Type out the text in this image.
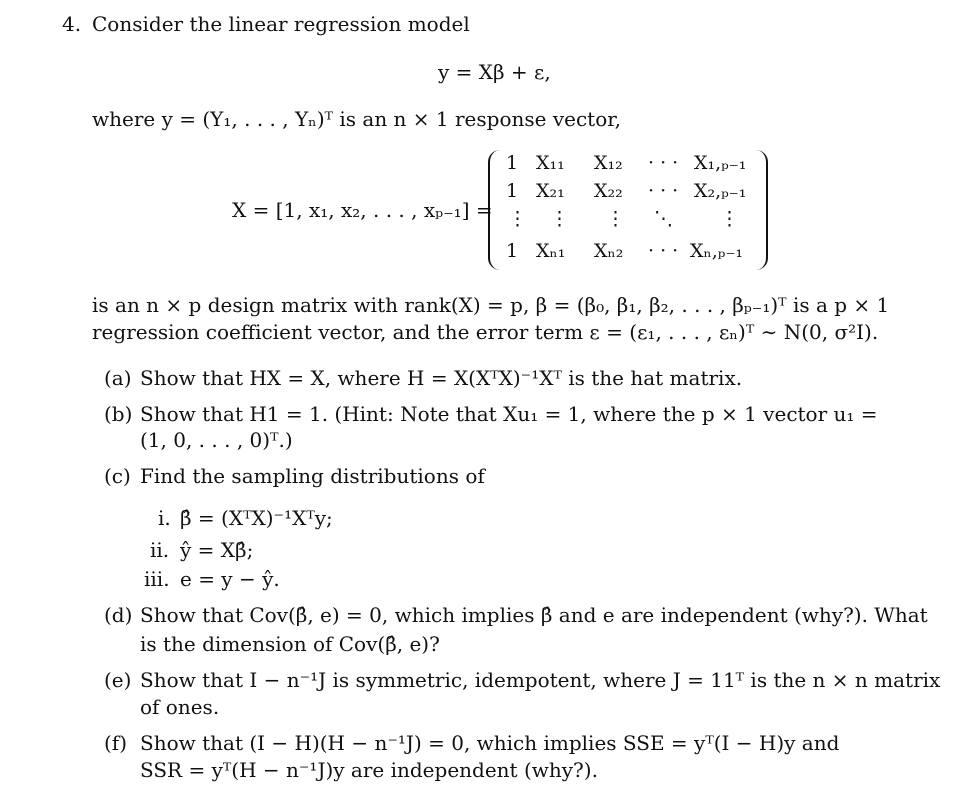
4. Consider the linear regression model
y = Xβ + ε,
where y = (Y₁, . . . , Yₙ)ᵀ is an n × 1 response vector,
X = [1, x₁, x₂, . . . , xₚ₋₁] =
1 X₁₁ X₁₂ · · · X₁,ₚ₋₁
1 X₂₁ X₂₂ · · · X₂,ₚ₋₁
⋮ ⋮ ⋮ ⋱ ⋮
1 Xₙ₁ Xₙ₂ · · · Xₙ,ₚ₋₁
is an n × p design matrix with rank(X) = p, β = (β₀, β₁, β₂, . . . , βₚ₋₁)ᵀ is a p × 1
regression coefficient vector, and the error term ε = (ε₁, . . . , εₙ)ᵀ ∼ N(0, σ²I).
(a) Show that HX = X, where H = X(XᵀX)⁻¹Xᵀ is the hat matrix.
(b) Show that H1 = 1. (Hint: Note that Xu₁ = 1, where the p × 1 vector u₁ =
(1, 0, . . . , 0)ᵀ.)
(c) Find the sampling distributions of
i. β̂ = (XᵀX)⁻¹Xᵀy;
ii. ŷ = Xβ̂;
iii. e = y − ŷ.
(d) Show that Cov(β̂, e) = 0, which implies β̂ and e are independent (why?). What
is the dimension of Cov(β̂, e)?
(e) Show that I − n⁻¹J is symmetric, idempotent, where J = 11ᵀ is the n × n matrix
of ones.
(f) Show that (I − H)(H − n⁻¹J) = 0, which implies SSE = yᵀ(I − H)y and
SSR = yᵀ(H − n⁻¹J)y are independent (why?).
